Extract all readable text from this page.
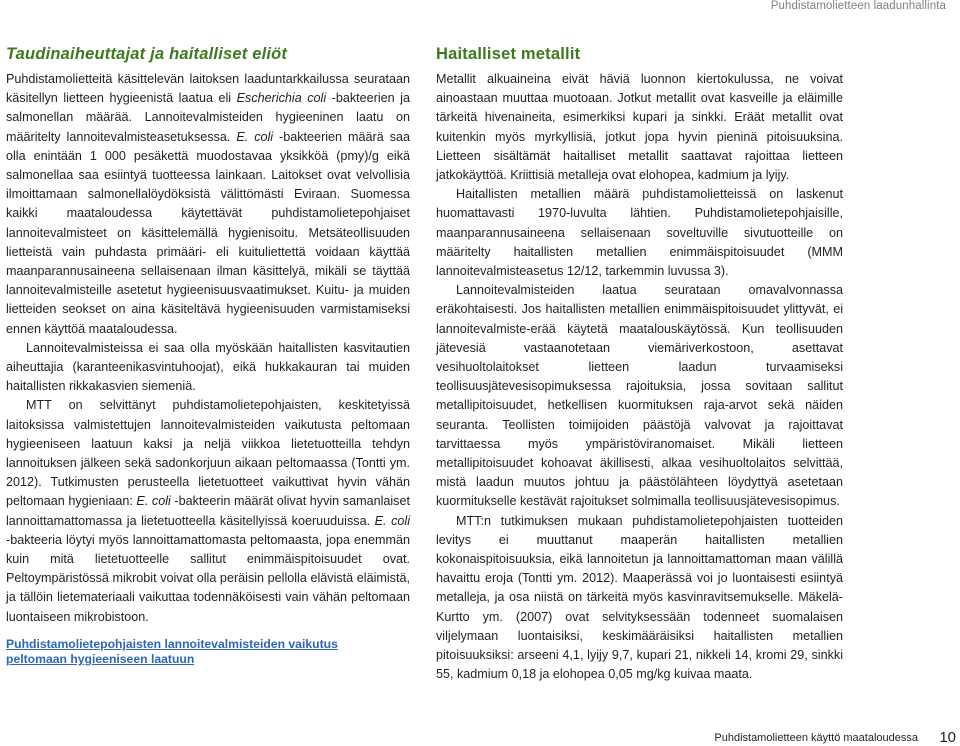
Puhdistamolietteen laadunhallinta
Taudinaiheuttajat ja haitalliset eliöt

Puhdistamolietteitä käsittelevän laitoksen laaduntarkkailussa seurataan käsitellyn lietteen hygieenistä laatua eli Escherichia coli -bakteerien ja salmonellan määrää. Lannoitevalmisteiden hygieeninen laatu on määritelty lannoitevalmisteasetuksessa. E. coli -bakteerien määrä saa olla enintään 1 000 pesäkettä muodostavaa yksikköä (pmy)/g eikä salmonellaa saa esiintyä tuotteessa lainkaan. Laitokset ovat velvollisia ilmoittamaan salmonellalöydöksistä välittömästi Eviraan. Suomessa kaikki maataloudessa käytettävät puhdistamolietepohjaiset lannoitevalmisteet on käsittelemällä hygienisoitu. Metsäteollisuuden lietteistä vain puhdasta primääri- eli kuituliettettä voidaan käyttää maanparannusaineena sellaisenaan ilman käsittelyä, mikäli se täyttää lannoitevalmisteille asetetut hygieenisuusvaatimukset. Kuitu- ja muiden lietteiden seokset on aina käsiteltävä hygieenisuuden varmistamiseksi ennen käyttöä maataloudessa.

Lannoitevalmisteissa ei saa olla myöskään haitallisten kasvitautien aiheuttajia (karanteenikasvintuhoojat), eikä hukkakauran tai muiden haitallisten rikkakasvien siemeniä.

MTT on selvittänyt puhdistamolietepohjaisten, keskitetyissä laitoksissa valmistettujen lannoitevalmisteiden vaikutusta peltomaan hygieeniseen laatuun kaksi ja neljä viikkoa lietetuotteilla tehdyn lannoituksen jälkeen sekä sadonkorjuun aikaan peltomaassa (Tontti ym. 2012). Tutkimusten perusteella lietetuotteet vaikuttivat hyvin vähän peltomaan hygieniaan: E. coli -bakteerin määrät olivat hyvin samanlaiset lannoittamattomassa ja lietetuotteella käsitellyissä koeruuduissa. E. coli -bakteeria löytyi myös lannoittamattomasta peltomaasta, jopa enemmän kuin mitä lietetuotteelle sallitut enimmäispitoisuudet ovat. Peltoympäristössä mikrobit voivat olla peräisin pellolla elävistä eläimistä, ja tällöin lietemateriaali vaikuttaa todennäköisesti vain vähän peltomaan luontaiseen mikrobistoon.

Puhdistamolietepohjaisten lannoitevalmisteiden vaikutus peltomaan hygieeniseen laatuun
Haitalliset metallit

Metallit alkuaineina eivät häviä luonnon kiertokulussa, ne voivat ainoastaan muuttaa muotoaan. Jotkut metallit ovat kasveille ja eläimille tärkeitä hivenaineita, esimerkiksi kupari ja sinkki. Eräät metallit ovat kuitenkin myös myrkyllisiä, jotkut jopa hyvin pieninä pitoisuuksina. Lietteen sisältämät haitalliset metallit saattavat rajoittaa lietteen jatkokäyttöä. Kriittisiä metalleja ovat elohopea, kadmium ja lyijy.

Haitallisten metallien määrä puhdistamolietteissä on laskenut huomattavasti 1970-luvulta lähtien. Puhdistamolietepohjaisille, maanparannusaineena sellaisenaan soveltuville sivutuotteille on määritelty haitallisten metallien enimmäispitoisuudet (MMM lannoitevalmisteasetus 12/12, tarkemmin luvussa 3).

Lannoitevalmisteiden laatua seurataan omavalvonnassa eräkohtaisesti. Jos haitallisten metallien enimmäispitoisuudet ylittyvät, ei lannoitevalmiste-erää käytetä maatalouskäytössä. Kun teollisuuden jätevesiä vastaanotetaan viemäriverkostoon, asettavat vesihuoltolaitokset lietteen laadun turvaamiseksi teollisuusjätevesisopimuksessa rajoituksia, jossa sovitaan sallitut metallipitoisuudet, hetkellisen kuormituksen raja-arvot sekä näiden seuranta. Teollisten toimijoiden päästöjä valvovat ja rajoittavat tarvittaessa myös ympäristöviranomaiset. Mikäli lietteen metallipitoisuudet kohoavat äkillisesti, alkaa vesihuoltolaitos selvittää, mistä laadun muutos johtuu ja päästölähteen löydyttyä asetetaan kuormitukselle kestävät rajoitukset solmimalla teollisuusjätevesisopimus.

MTT:n tutkimuksen mukaan puhdistamolietepohjaisten tuotteiden levitys ei muuttanut maaperän haitallisten metallien kokonaispitoisuuksia, eikä lannoitetun ja lannoittamattoman maan välillä havaittu eroja (Tontti ym. 2012). Maaperässä voi jo luontaisesti esiintyä metalleja, ja osa niistä on tärkeitä myös kasvinravitsemukselle. Mäkelä-Kurtto ym. (2007) ovat selvityksessään todenneet suomalaisen viljelymaan luontaisiksi, keskimääräisiksi haitallisten metallien pitoisuuksiksi: arseeni 4,1, lyijy 9,7, kupari 21, nikkeli 14, kromi 29, sinkki 55, kadmium 0,18 ja elohopea 0,05 mg/kg kuivaa maata.

Puhdistamolietteen käyttö maataloudessa 10
